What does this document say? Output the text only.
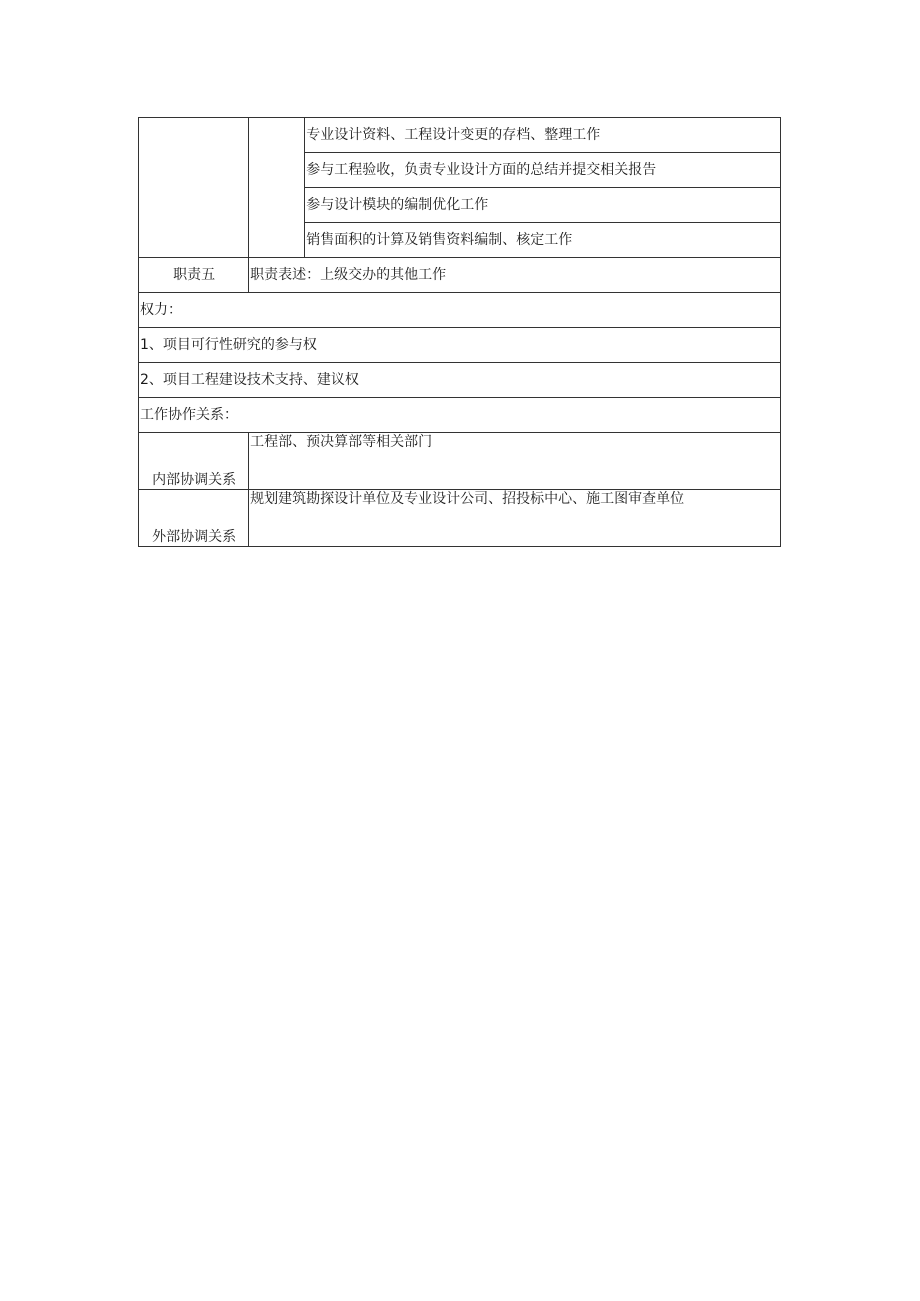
		专业设计资料、工程设计变更的存档、整理工作
		参与工程验收，负责专业设计方面的总结并提交相关报告
		参与设计模块的编制优化工作
		销售面积的计算及销售资料编制、核定工作
职责五	职责表述：上级交办的其他工作	
权力：		
1、项目可行性研究的参与权		
2、项目工程建设技术支持、建议权		
工作协作关系：		
内部协调关系	工程部、预决算部等相关部门	
外部协调关系	规划建筑勘探设计单位及专业设计公司、招投标中心、施工图审查单位	
